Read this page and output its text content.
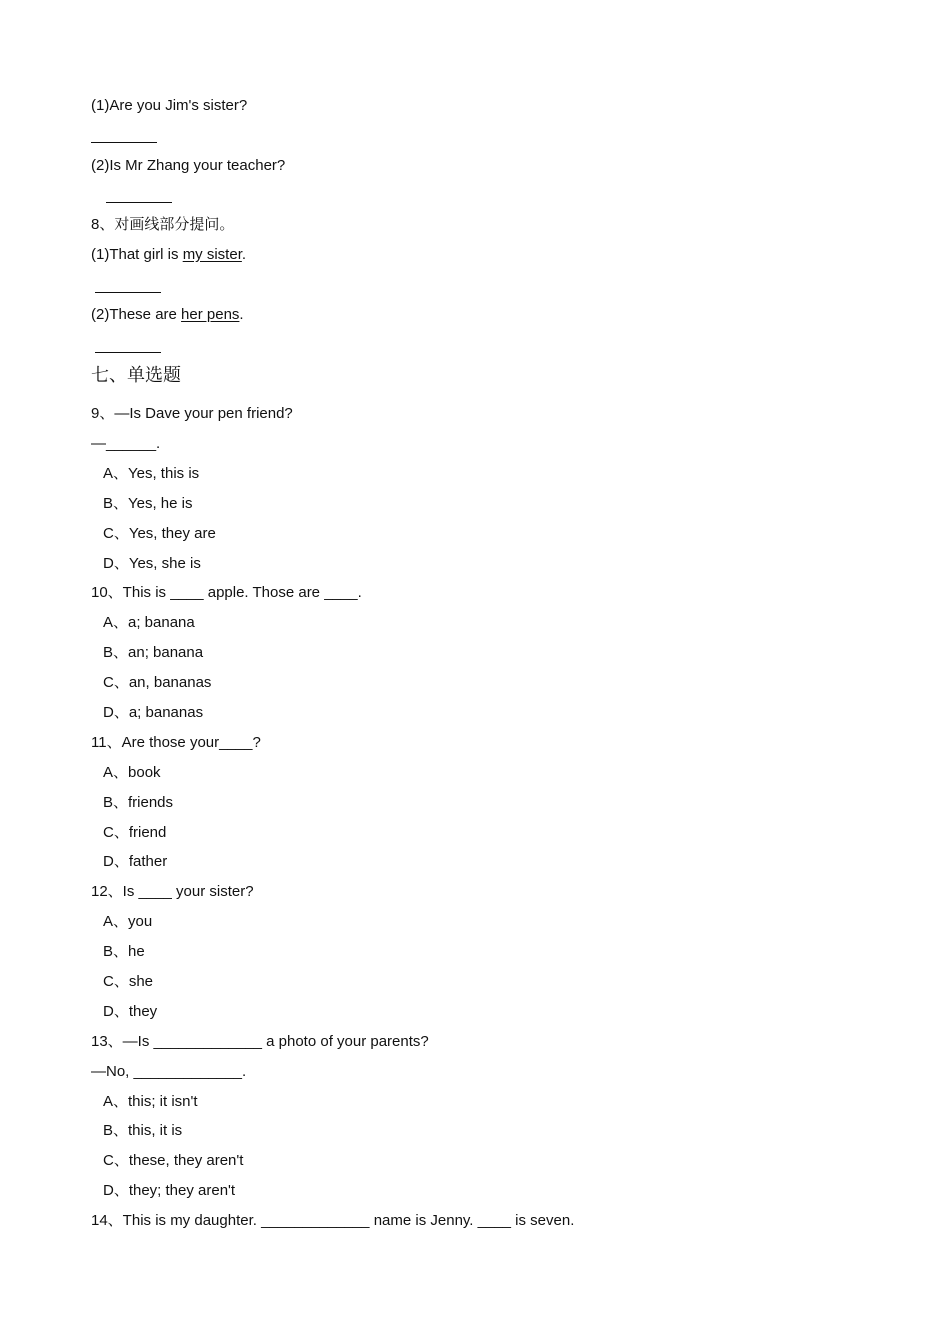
(1)Are you Jim's sister?
(2)Is Mr Zhang your teacher?
8、对画线部分提问。
(1)That girl is my sister.
(2)These are her pens.
七、单选题
9、—Is Dave your pen friend?
—______.
A、Yes, this is
B、Yes, he is
C、Yes, they are
D、Yes, she is
10、This is ____ apple. Those are ____.
A、a; banana
B、an; banana
C、an, bananas
D、a; bananas
11、Are those your____?
A、book
B、friends
C、friend
D、father
12、Is ____ your sister?
A、you
B、he
C、she
D、they
13、—Is _____________ a photo of your parents?
—No, _____________.
A、this; it isn't
B、this, it is
C、these, they aren't
D、they; they aren't
14、This is my daughter. _____________ name is Jenny. ____ is seven.
